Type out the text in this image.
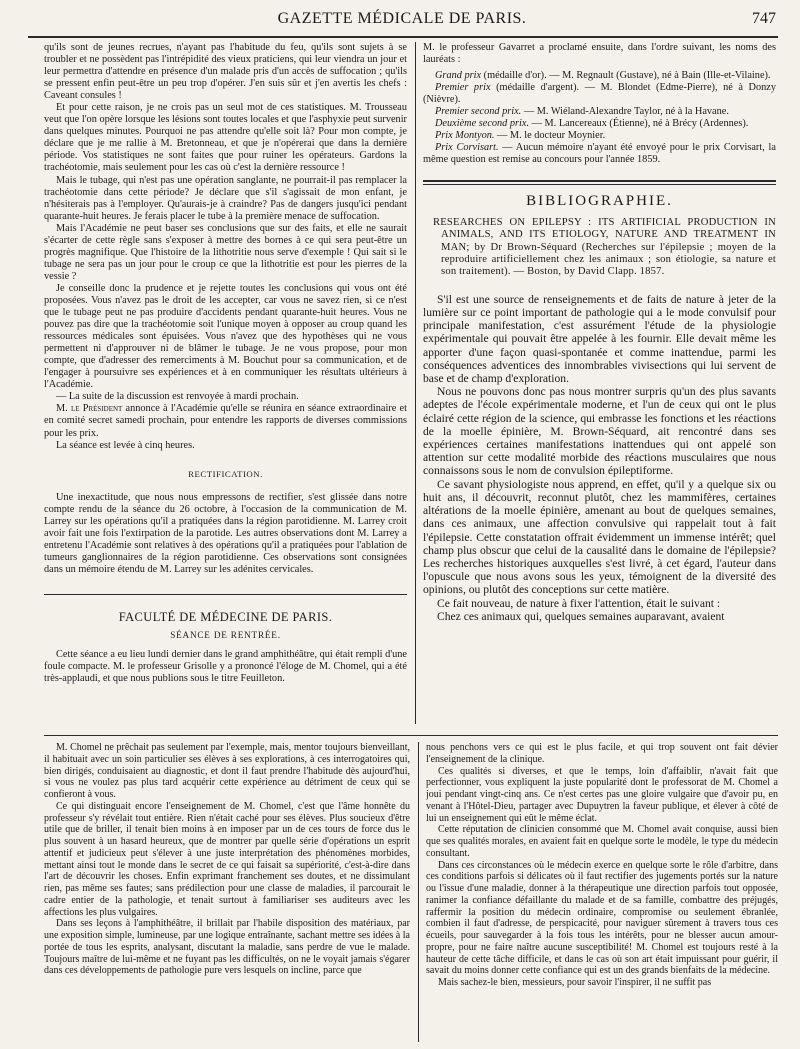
GAZETTE MÉDICALE DE PARIS.	747

qu'ils sont de jeunes recrues, n'ayant pas l'habitude du feu, qu'ils sont sujets à se troubler et ne possèdent pas l'intrépidité des vieux praticiens, qui leur viendra un jour et leur permettra d'attendre en présence d'un malade pris d'un accès de suffocation ; qu'ils se pressent enfin peut-être un peu trop d'opérer. J'en suis sûr et j'en avertis les chefs : Caveant consules !

Et pour cette raison, je ne crois pas un seul mot de ces statistiques. M. Trousseau veut que l'on opère lorsque les lésions sont toutes locales et que l'asphyxie peut survenir dans quelques minutes. Pourquoi ne pas attendre qu'elle soit là? Pour mon compte, je déclare que je me rallie à M. Bretonneau, et que je n'opérerai que dans la dernière période. Vos statistiques ne sont faites que pour ruiner les opérateurs. Gardons la trachéotomie, mais seulement pour les cas où c'est la dernière ressource !

Mais le tubage, qui n'est pas une opération sanglante, ne pourrait-il pas remplacer la trachéotomie dans cette période? Je déclare que s'il s'agissait de mon enfant, je n'hésiterais pas à l'employer. Qu'aurais-je à craindre? Pas de dangers jusqu'ici pendant quarante-huit heures. Je ferais placer le tube à la première menace de suffocation.

Mais l'Académie ne peut baser ses conclusions que sur des faits, et elle ne saurait s'écarter de cette règle sans s'exposer à mettre des bornes à ce qui sera peut-être un progrès magnifique. Que l'histoire de la lithotritie nous serve d'exemple ! Qui sait si le tubage ne sera pas un jour pour le croup ce que la lithotritie est pour les pierres de la vessie ?

Je conseille donc la prudence et je rejette toutes les conclusions qui vous ont été proposées. Vous n'avez pas le droit de les accepter, car vous ne savez rien, si ce n'est que le tubage peut ne pas produire d'accidents pendant quarante-huit heures. Vous ne pouvez pas dire que la trachéotomie soit l'unique moyen à opposer au croup quand les ressources médicales sont épuisées. Vous n'avez que des hypothèses qui ne vous permettent ni d'approuver ni de blâmer le tubage. Je ne vous propose, pour mon compte, que d'adresser des remerciments à M. Bouchut pour sa communication, et de l'engager à poursuivre ses expériences et à en communiquer les résultats ultérieurs à l'Académie.

— La suite de la discussion est renvoyée à mardi prochain.

M. le Président annonce à l'Académie qu'elle se réunira en séance extraordinaire et en comité secret samedi prochain, pour entendre les rapports de diverses commissions pour les prix.

La séance est levée à cinq heures.

RECTIFICATION.

Une inexactitude, que nous nous empressons de rectifier, s'est glissée dans notre compte rendu de la séance du 26 octobre, à l'occasion de la communication de M. Larrey sur les opérations qu'il a pratiquées dans la région parotidienne. M. Larrey croit avoir fait une fois l'extirpation de la parotide. Les autres observations dont M. Larrey a entretenu l'Académie sont relatives à des opérations qu'il a pratiquées pour l'ablation de tumeurs ganglionnaires de la région parotidienne. Ces observations sont consignées dans un mémoire étendu de M. Larrey sur les adénites cervicales.

FACULTÉ DE MÉDECINE DE PARIS.
SÉANCE DE RENTRÉE.

Cette séance a eu lieu lundi dernier dans le grand amphithéâtre, qui était rempli d'une foule compacte. M. le professeur Grisolle y a prononcé l'éloge de M. Chomel, qui a été très-applaudi, et que nous publions sous le titre Feuilleton.

M. le professeur Gavarret a proclamé ensuite, dans l'ordre suivant, les noms des lauréats :

Grand prix (médaille d'or). — M. Regnault (Gustave), né à Bain (Ille-et-Vilaine).

Premier prix (médaille d'argent). — M. Blondet (Edme-Pierre), né à Donzy (Nièvre).

Premier second prix. — M. Wiéland-Alexandre Taylor, né à la Havane.

Deuxième second prix. — M. Lancereaux (Étienne), né à Brécy (Ardennes).

Prix Montyon. — M. le docteur Moynier.

Prix Corvisart. — Aucun mémoire n'ayant été envoyé pour le prix Corvisart, la même question est remise au concours pour l'année 1859.

BIBLIOGRAPHIE.
RESEARCHES ON EPILEPSY : ITS ARTIFICIAL PRODUCTION IN ANIMALS, AND ITS ETIOLOGY, NATURE AND TREATMENT IN MAN; by Dr Brown-Séquard (Recherches sur l'épilepsie ; moyen de la reproduire artificiellement chez les animaux ; son étiologie, sa nature et son traitement). — Boston, by David Clapp. 1857.

S'il est une source de renseignements et de faits de nature à jeter de la lumière sur ce point important de pathologie qui a le mode convulsif pour principale manifestation, c'est assurément l'étude de la physiologie expérimentale qui pouvait être appelée à les fournir. Elle devait même les apporter d'une façon quasi-spontanée et comme inattendue, parmi les conséquences adventices des innombrables vivisections qui lui servent de base et de champ d'exploration.

Nous ne pouvons donc pas nous montrer surpris qu'un des plus savants adeptes de l'école expérimentale moderne, et l'un de ceux qui ont le plus éclairé cette région de la science, qui embrasse les fonctions et les réactions de la moelle épinière, M. Brown-Séquard, ait rencontré dans ses expériences certaines manifestations inattendues qui ont appelé son attention sur cette modalité morbide des réactions musculaires que nous connaissons sous le nom de convulsion épileptiforme.

Ce savant physiologiste nous apprend, en effet, qu'il y a quelque six ou huit ans, il découvrit, reconnut plutôt, chez les mammifères, certaines altérations de la moelle épinière, amenant au bout de quelques semaines, dans ces animaux, une affection convulsive qui rappelait tout à fait l'épilepsie. Cette constatation offrait évidemment un immense intérêt; quel champ plus obscur que celui de la causalité dans le domaine de l'épilepsie? Les recherches historiques auxquelles s'est livré, à cet égard, l'auteur dans l'opuscule que nous avons sous les yeux, témoignent de la diversité des opinions, ou plutôt des conceptions sur cette matière.

Ce fait nouveau, de nature à fixer l'attention, était le suivant :

Chez ces animaux qui, quelques semaines auparavant, avaient

M. Chomel ne prêchait pas seulement par l'exemple, mais, mentor toujours bienveillant, il habituait avec un soin particulier ses élèves à ses explorations, à ces interrogatoires qui, bien dirigés, conduisaient au diagnostic, et dont il faut prendre l'habitude dès aujourd'hui, si vous ne voulez pas plus tard acquérir cette expérience au détriment de ceux qui se confieront à vous.

Ce qui distinguait encore l'enseignement de M. Chomel, c'est que l'âme honnête du professeur s'y révélait tout entière. Rien n'était caché pour ses élèves. Plus soucieux d'être utile que de briller, il tenait bien moins à en imposer par un de ces tours de force dus le plus souvent à un hasard heureux, que de montrer par quelle série d'opérations un esprit attentif et judicieux peut s'élever à une juste interprétation des phénomènes morbides, mettant ainsi tout le monde dans le secret de ce qui faisait sa supériorité, c'est-à-dire dans l'art de découvrir les choses. Enfin exprimant franchement ses doutes, et ne dissimulant rien, pas même ses fautes; sans prédilection pour une classe de maladies, il parcourait le cadre entier de la pathologie, et tenait surtout à familiariser ses auditeurs avec les affections les plus vulgaires.

Dans ses leçons à l'amphithéâtre, il brillait par l'habile disposition des matériaux, par une exposition simple, lumineuse, par une logique entraînante, sachant mettre ses idées à la portée de tous les esprits, analysant, discutant la maladie, sans perdre de vue le malade. Toujours maître de lui-même et ne fuyant pas les difficultés, on ne le voyait jamais s'égarer dans ces développements de pathologie pure vers lesquels on incline, parce que

nous penchons vers ce qui est le plus facile, et qui trop souvent ont fait dévier l'enseignement de la clinique.

Ces qualités si diverses, et que le temps, loin d'affaiblir, n'avait fait que perfectionner, vous expliquent la juste popularité dont le professorat de M. Chomel a joui pendant vingt-cinq ans. Ce n'est certes pas une gloire vulgaire que d'avoir pu, en venant à l'Hôtel-Dieu, partager avec Dupuytren la faveur publique, et élever à côté de lui un enseignement qui eût le même éclat.

Cette réputation de clinicien consommé que M. Chomel avait conquise, aussi bien que ses qualités morales, en avaient fait en quelque sorte le modèle, le type du médecin consultant.

Dans ces circonstances où le médecin exerce en quelque sorte le rôle d'arbitre, dans ces conditions parfois si délicates où il faut rectifier des jugements portés sur la nature ou l'issue d'une maladie, donner à la thérapeutique une direction parfois tout opposée, ranimer la confiance défaillante du malade et de sa famille, combattre des préjugés, raffermir la position du médecin ordinaire, compromise ou seulement ébranlée, combien il faut d'adresse, de perspicacité, pour naviguer sûrement à travers tous ces écueils, pour sauvegarder à la fois tous les intérêts, pour ne blesser aucun amour-propre, pour ne faire naître aucune susceptibilité! M. Chomel est toujours resté à la hauteur de cette tâche difficile, et dans le cas où son art était impuissant pour guérir, il savait du moins donner cette confiance qui est un des grands bienfaits de la médecine.

Mais sachez-le bien, messieurs, pour savoir l'inspirer, il ne suffit pas
